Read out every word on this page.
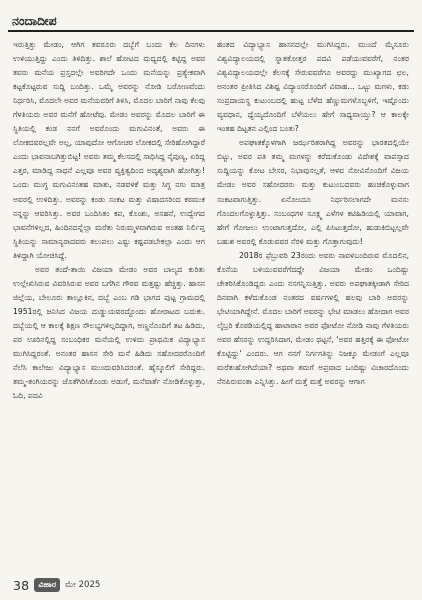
ನಂದಾದೀಪ

ಇರುತ್ತಿತ್ತು ಮೇಡಂ, ಆಗಿಗ ತವರೂರು ದಬ್ಬೆಗೆ ಬಂದು ಕೆಲ ದಿನಗಳು ಉಳಿಯುತ್ತಿದ್ದು ಎಂದು ತಿಳಿದಿತ್ತು. ಶಾಲೆ ಹೋಟದ ಮಧ್ಯದಲ್ಲಿ ಕಟ್ಟಿದ್ದ ಅವರ ತವರು ಮನೆಯ ಪ್ರಸ್ತದಲ್ಲೇ ಅವರಿಗದೇ ಒಂದು ಮನೆಯನ್ನು ಪ್ರತ್ಯೇಕವಾಗಿ ಕಟ್ಟಕೊಟ್ಟರುವ ಸುದ್ದಿ ಬಂದಿತ್ತು. ಒಮ್ಮೆ ಅವರನ್ನು ನೋಡಿ ಬರೋಣವೆಂದು ನಿರ್ಧರಿಸಿ, ಮೊದಲೇ ಅವರ ಮನೆಯವರಿಗೆ ತಿಳಿಸಿ, ಮೊದಲ ಬಾರಿಗೆ ನಾವು ಕೆಲವು ಗೆಳತಿಯರು ಅವರ ಮನೆಗೆ ಹೋಟೆವು. ಮೇಡಂ ಅವರನ್ನು ಮೊದಲ ಬಾರಿಗೆ ಈ ಸ್ಥಿತಿಯಲ್ಲಿ ಕಂಡ ನನಗೆ ಅವರೊಂದು ಮಗುವಿನಂತೆ, ಅವರು ಈ ಲೋಕದವರಲ್ಲವೇ ಅಲ್ಲ, ಯಾವುದೋ ಆಗೋಚರ ಲೋಕದಲ್ಲಿ ಸೇರಿಹೋಗಿದ್ದಾರೆ ಎಂದು ಭಾವನಾಬಗಿತ್ತುಬಿಟ್ಟ! ಅವರು ತಮ್ಮ ಕೆಲಸದಲ್ಲಿ ಸಾಧಿಸಿದ್ದ ನೈಪುಣ್ಯ, ಏರಿದ್ದ ಎತ್ತರ, ಮಾಡಿದ್ದ ಸಾಧನೆ ಎಲ್ಲವೂ ಅವರ ವ್ಯಕ್ತಿತ್ವದಿಂದ ಅದೃಶ್ಯವಾಗಿ ಹೋಗಿತ್ತು! ಒಂದು ಮುಗ್ಧ ಮಗುವಿನಂತಹ ಮಾತು, ನಡವಳಿಕೆ ಮತ್ತು ಸಿಗ್ಧ ನಗು ಮಾತ್ರ ಅವರಲ್ಲಿ ಉಳಿದಿತ್ತು. ಅವರನ್ನು ಕಂಡು ಸಂಕಟ ಮತ್ತು ವಿಷಾದಸರಿಂದ ಕಠಮುಕ ನನ್ನನ್ನು ಆವರಿಸಿತ್ತು. ಅವರ ಒಂದಿಸಿತಂ ಕಪ, ಕೊಂಶು, ಅಸಹನೆ, ಉದ್ವೇಗದ ಭಾವನೆಗಳಿಲ್ಲದ, ಹಿಂದಿನದನ್ನೆಲ್ಲಾ ಮರೆತು ನಿರುಮ್ಮಳವಾಗಿರುವ ಅಂತಹ ನಿರ್ಲಿಪ್ತ ಸ್ಥಿತಿಯನ್ನು ಸಾಮಾನ್ಯರಾದವರು ತಲುಪಲು ಎಷ್ಟು ಕಷ್ಟಪಡಬೇಕಲ್ಲಾ ಎಂದು ಆಗ ತಿಳಿದ್ದಾಗಿ ಯೋಚಿಸಿದ್ದೆ.

ಅವರ ತಂದೆ-ತಾಯಿ ವಿಜಯಾ ಮೇಡಂ ಅವರ ಬಾಲ್ಯದ ಕುರಿತು ಉಲ್ಲೇಖಿಸಿರುವ ವಿವರಿಸಿರುವ ಅವರ ಬಗೆಗಿನ ಗೌರವ ಮತ್ತಷ್ಟು ಹೆಚ್ಚಿತ್ತು. ಹಾಸನ ಜಿಲ್ಲೆಯ, ಬೇಲೂರು ತಾಲ್ಲೂಕಿನ, ದಬ್ಬೆ ಎಂಬ ಗಡಿ ಭಾಗದ ಪುಟ್ಟ ಗ್ರಾಮದಲ್ಲಿ 1951ರಲ್ಲಿ ಜನಿಸಿದ ವಿಜಯ ದುಡ್ಡುಯವರದ್ದೊಂದು ಹೋರಾಟದ ಬದುಕು. ದಬ್ಬೆಯಲ್ಲಿ ಆ ಕಾಲಕ್ಕೆ ಶಿಕ್ಷಣ ಸೌಲಭ್ಯಗಳಿಲ್ಲದಿದ್ದಾಗ, ಅಣ್ಣನೊಂದಿಗೆ ತಟ ಹಿಡಿದು, ಪರ ಊರಿನಲ್ಲಿದ್ದ ಸಂಬಂಧಿಕರ ಮನೆಯಲ್ಲಿ ಉಳಿದು ಪ್ರಾಥಮಿಕ ವಿದ್ಯಾಭ್ಯಾಸ ಮುಗಿಸಿದ್ದರಂತೆ. ಅನಂತರ ಹಾಸನ ಸೇರಿ ಮನೆ ಹಿಡಿದು ಸಹೋದರರೊಂದಿಗೆ ನೆಲೆಸಿ ಕಾಲೇಜು ವಿದ್ಯಾಭ್ಯಾಸ ಮುಂದುವರಿಸಿದರಂತೆ. ಹೈಸ್ಕೂಲಿಗೆ ಸೇರಿದ್ದರು. ತಮ್ಮ-ತಂಗಿಯರನ್ನು ಜೊತೆಗಿರಿಸಿಕೊಂಡು ಅಡುಗೆ, ಮನೆವಾರ್ತೆ ನೋಡಿಕೊಳ್ಳುತ್ತಾ, ಓದಿ, ಪದವಿ

ಹಂತದ ವಿದ್ಯಾಭ್ಯಾಸ ಹಾಸನದಲ್ಲೇ ಮುಗಿಸಿದ್ದರು. ಮುಂದೆ ಮೈಸೂರು ವಿಶ್ವವಿದ್ಯಾಲಯದಲ್ಲಿ ಸ್ನಾತಕೋತ್ತರ ಪದವಿ ಪಡೆಯುವವರೆಗೆ, ನಂತರ ವಿಶ್ವವಿದ್ಯಾಲಯದಲ್ಲೇ ಕೆಲಸಕ್ಕೆ ಸೇರುವವರೆಗೂ ಅವರದ್ದು ಮುಖ್ಯಾಗದ ಛಲ, ಅನಂತರ ಪ್ರೀತಿಸಿದ ವಿಶಿಷ್ಟ ವಿದ್ಯಾಂಸರೊಂದಿಗೆ ವಿವಾಹ... ಒಟ್ಟು ಮಗಳು, ಕಡು ಸಂಪ್ರದಾಯಸ್ಥ ಕುಟುಂಬದಲ್ಲಿ ಹುಟ್ಟ ಬೆಳೆದ ಹೆಣ್ಣುಮಗಳೊಬ್ಬಳಿಗೆ, ಇಷ್ಟೊಂದು ವ್ಯವಧಾನ, ಧ್ಯೆಯ್ಯದೊಂದಿಗೆ ಬೆಳೆಯಲು ಹೇಗೆ ಸಾಧ್ಯವಾಯ್ತು? ಆ ಕಾಲಕ್ಕೇ ಇಂತಹ ದಿಟ್ಟತನ ಎಲ್ಲಿಂದ ಬಂತು?

ಅಪಘಾತಕ್ಕೊಳಗಾಗಿ ಜರ್ಝರಿತರಾಗಿದ್ದ ಅವರನ್ನು ಭಾರತದಲ್ಲಿಯೇ ಬಿಟ್ಟು, ಅವರ ಪತಿ ತಮ್ಮ ಮಗಳನ್ನು ಕರೆದುಕೊಂಡು ವಿದೇಶಕ್ಕೆ ವಾಪಸ್ಸಾದ ಸುದ್ದಿಯನ್ನು ಕೋಟ ಬೇಸರ, ನಿಭಾವುಸಲ್ಲತೆ, ಆಳವ ನೋವಿನೊಂದಿಗೆ ವಿಜಯ ಮೇಡಂ ಅವರ ಸಹೋದರರು ಮತ್ತು ಕುಟುಂಬದವರು ಹಂಚಿಕೊಳ್ಳುವಾಗ ಸಂಕಟವಾಗುತ್ತಿತ್ತು. ಏನೋಂದೂ ನಿರ್ಧರಿಸಲಾಗದೇ ಮನಸು ಗೊಂದಲಗೊಳ್ಳುತ್ತಿತ್ತು. ಸಂಬಂಧಗಳ ಸೂಕ್ಷ್ಮ ಎಳೆಗಳ ಕಟಿಹಿಡಿಯಲ್ಲಿ ಯಾವಾಗ, ಹೇಗೆ ಗೋಜಲು ಉಂಟಾಗುತ್ತದೋ, ಎಲ್ಲಿ ಪಿಸಿಟುತ್ತದೋ, ಹುಡುಕಿಬಿಟ್ಟಲ್ಲವೇ ಬಹುಶ ಅವರಲ್ಲಿ ಕೊಡುವವರ ನೆರಳಿ ಮತ್ತು ಗೊತ್ತಾಗುವುದು!

2018ರ ಫೆಬ್ರುವರಿ 23ರಂದು ಅವರು ನಾವಳಿಬಂದಿರುವ ಮೊದಲಿನ, ಕೊನೆಯ ಬಳಿಯುವವರೆಗೆದದ್ದೇ ವಿಜಯಾ ಮೇಡಂ ಒಂದಿಷ್ಟು ಚೇತರಿಸಿಕೊಂಡಿದ್ದರು ಎಂದು ನಸಗನ್ನಿಸುತ್ತಿತ್ತು. ಅವರು ಅಪಘಾತಕ್ಕೀಡಾಗಿ ಸೇರಿದ ದಿನವಾಗಿ ಕಳೆದುಕೊಂಡ ನಂತರದ ವರ್ಷಗಳಲ್ಲಿ ಹಲವು ಬಾರಿ ಅವರನ್ನು ಭೇಟಿಯಾಗಿದ್ದೇನೆ. ಮೊದಲ ಬಾರಿಗೆ ಅವರನ್ನು ಭೇಟಿ ಮಾಡಲು ಹೋದಾಗ ಅವರ ಲೈಬ್ರರಿ ಕೊಠಡಿಯಲ್ಲಿದ್ದ ಹಾಟಾರಾನ ಅವರ ಫೋಟೋ ನೋಡಿ ನಾವು ಗೆಳತಿಯರು ಅವರ ಹೆಸರನ್ನು ಉದ್ದರಿಸಿದಾಗ, ಮೇಡಂ ಥಟ್ಟನೆ, 'ಅವರ ಹತ್ತಿರಕ್ಕೆ ಈ ಫೋಟೋ ಕೊಟ್ಟಿದ್ದು' ಎಂದರು. ಆಗ ನನಗೆ ನಿರ್ಗಗತಿನ್ನು ನಿಜಕ್ಕೂ ಮೇಡಂಗೆ ಎಲ್ಲವೂ ಮರೆತುಹೋಗಿದೆಯಾ? ಅಥವಾ ತಮಗೆ ಅಪ್ರವಾದ ಒಂದಿಷ್ಟು ವಿಚಾರದೊಂದು ನೆನಪಿರುವಂತಾ ಎನ್ನಿಸಿತ್ತು. ಹೀಗೆ ಮತ್ತೆ ಮತ್ತೆ ಅವರನ್ನು ಆಗಾಗ

38	ವಿಹಾರ	ಮೇ 2025
